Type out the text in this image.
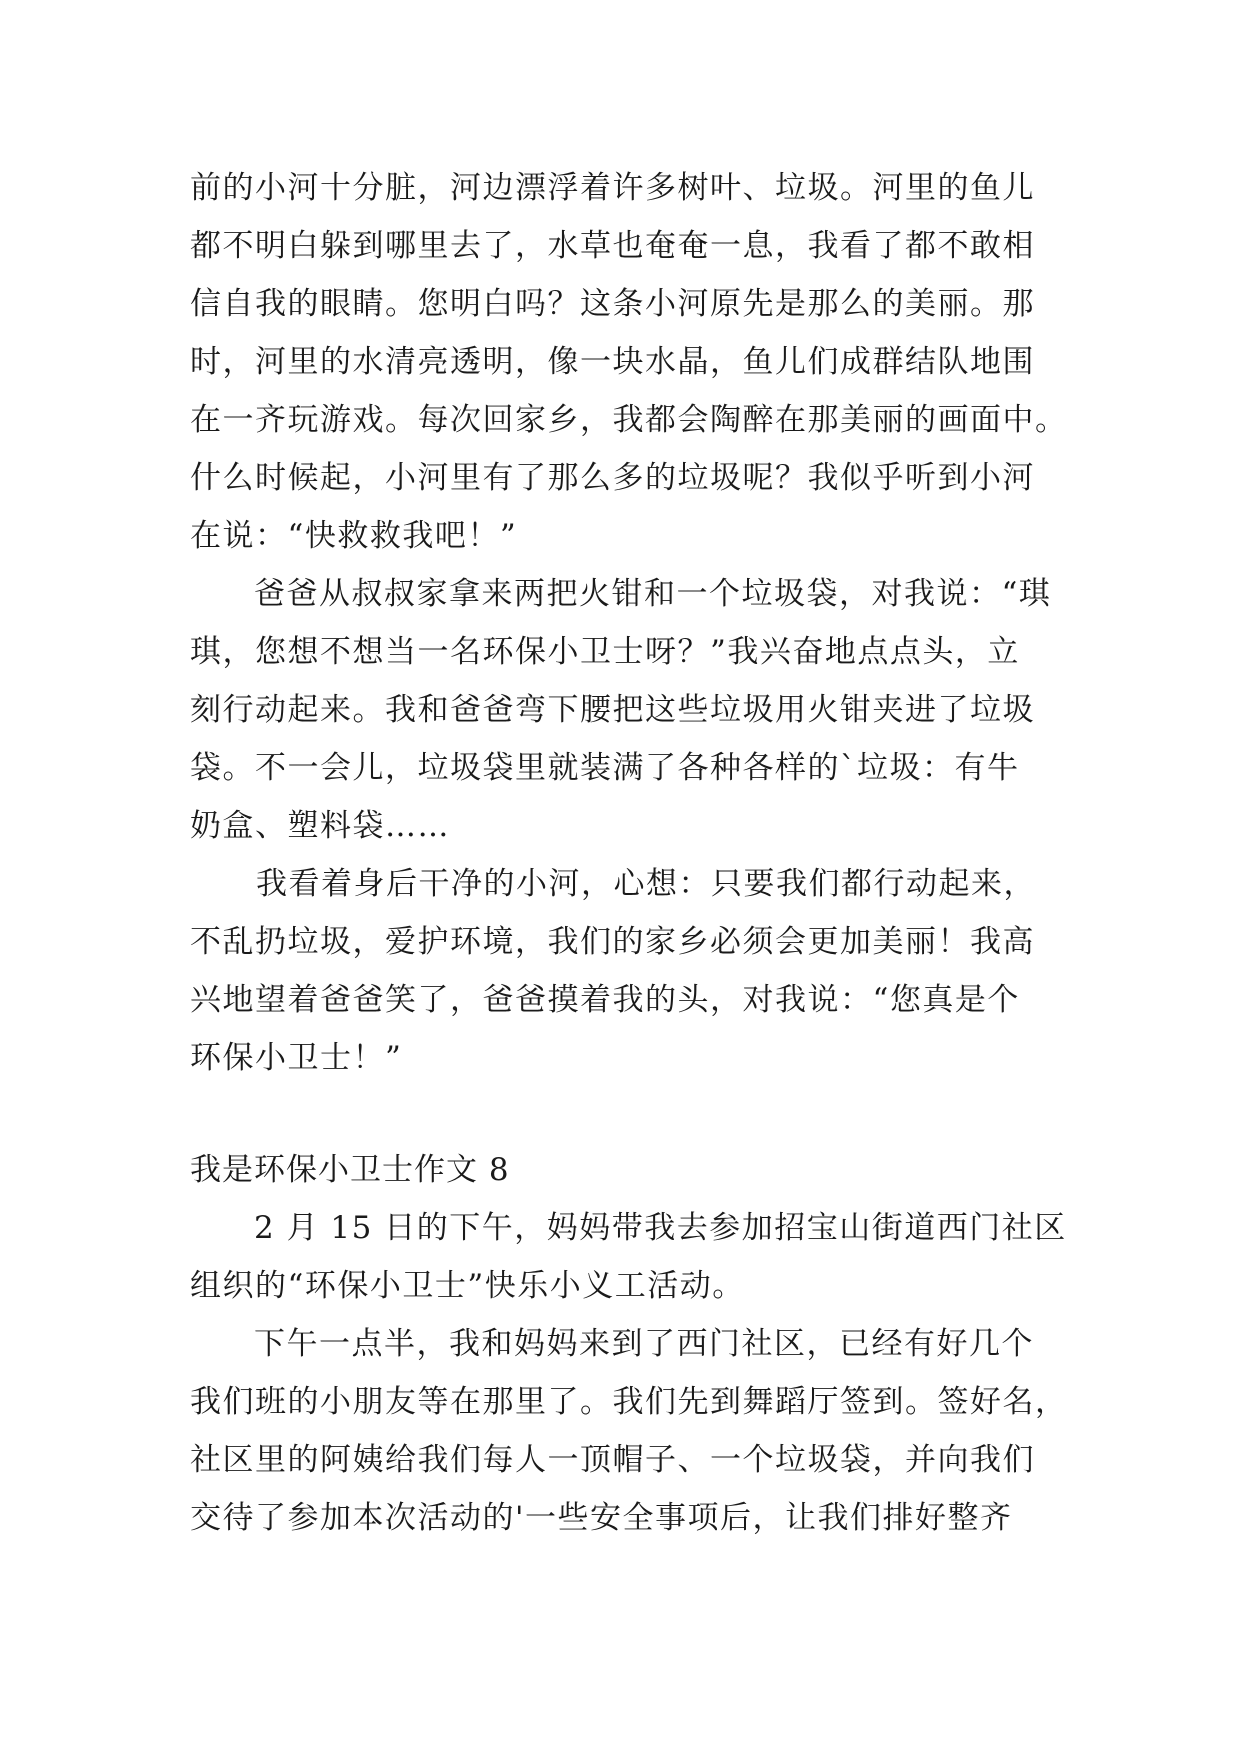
前的小河十分脏，河边漂浮着许多树叶、垃圾。河里的鱼儿
都不明白躲到哪里去了，水草也奄奄一息，我看了都不敢相
信自我的眼睛。您明白吗？这条小河原先是那么的美丽。那
时，河里的水清亮透明，像一块水晶，鱼儿们成群结队地围
在一齐玩游戏。每次回家乡，我都会陶醉在那美丽的画面中。
什么时候起，小河里有了那么多的垃圾呢？我似乎听到小河
在说：“快救救我吧！”
爸爸从叔叔家拿来两把火钳和一个垃圾袋，对我说：“琪
琪，您想不想当一名环保小卫士呀？”我兴奋地点点头，立
刻行动起来。我和爸爸弯下腰把这些垃圾用火钳夹进了垃圾
袋。不一会儿，垃圾袋里就装满了各种各样的`垃圾：有牛
奶盒、塑料袋……
我看着身后干净的小河，心想：只要我们都行动起来，
不乱扔垃圾，爱护环境，我们的家乡必须会更加美丽！我高
兴地望着爸爸笑了，爸爸摸着我的头，对我说：“您真是个
环保小卫士！”
我是环保小卫士作文 8
2 月 15 日的下午，妈妈带我去参加招宝山街道西门社区
组织的“环保小卫士”快乐小义工活动。
下午一点半，我和妈妈来到了西门社区，已经有好几个
我们班的小朋友等在那里了。我们先到舞蹈厅签到。签好名，
社区里的阿姨给我们每人一顶帽子、一个垃圾袋，并向我们
交待了参加本次活动的'一些安全事项后，让我们排好整齐
